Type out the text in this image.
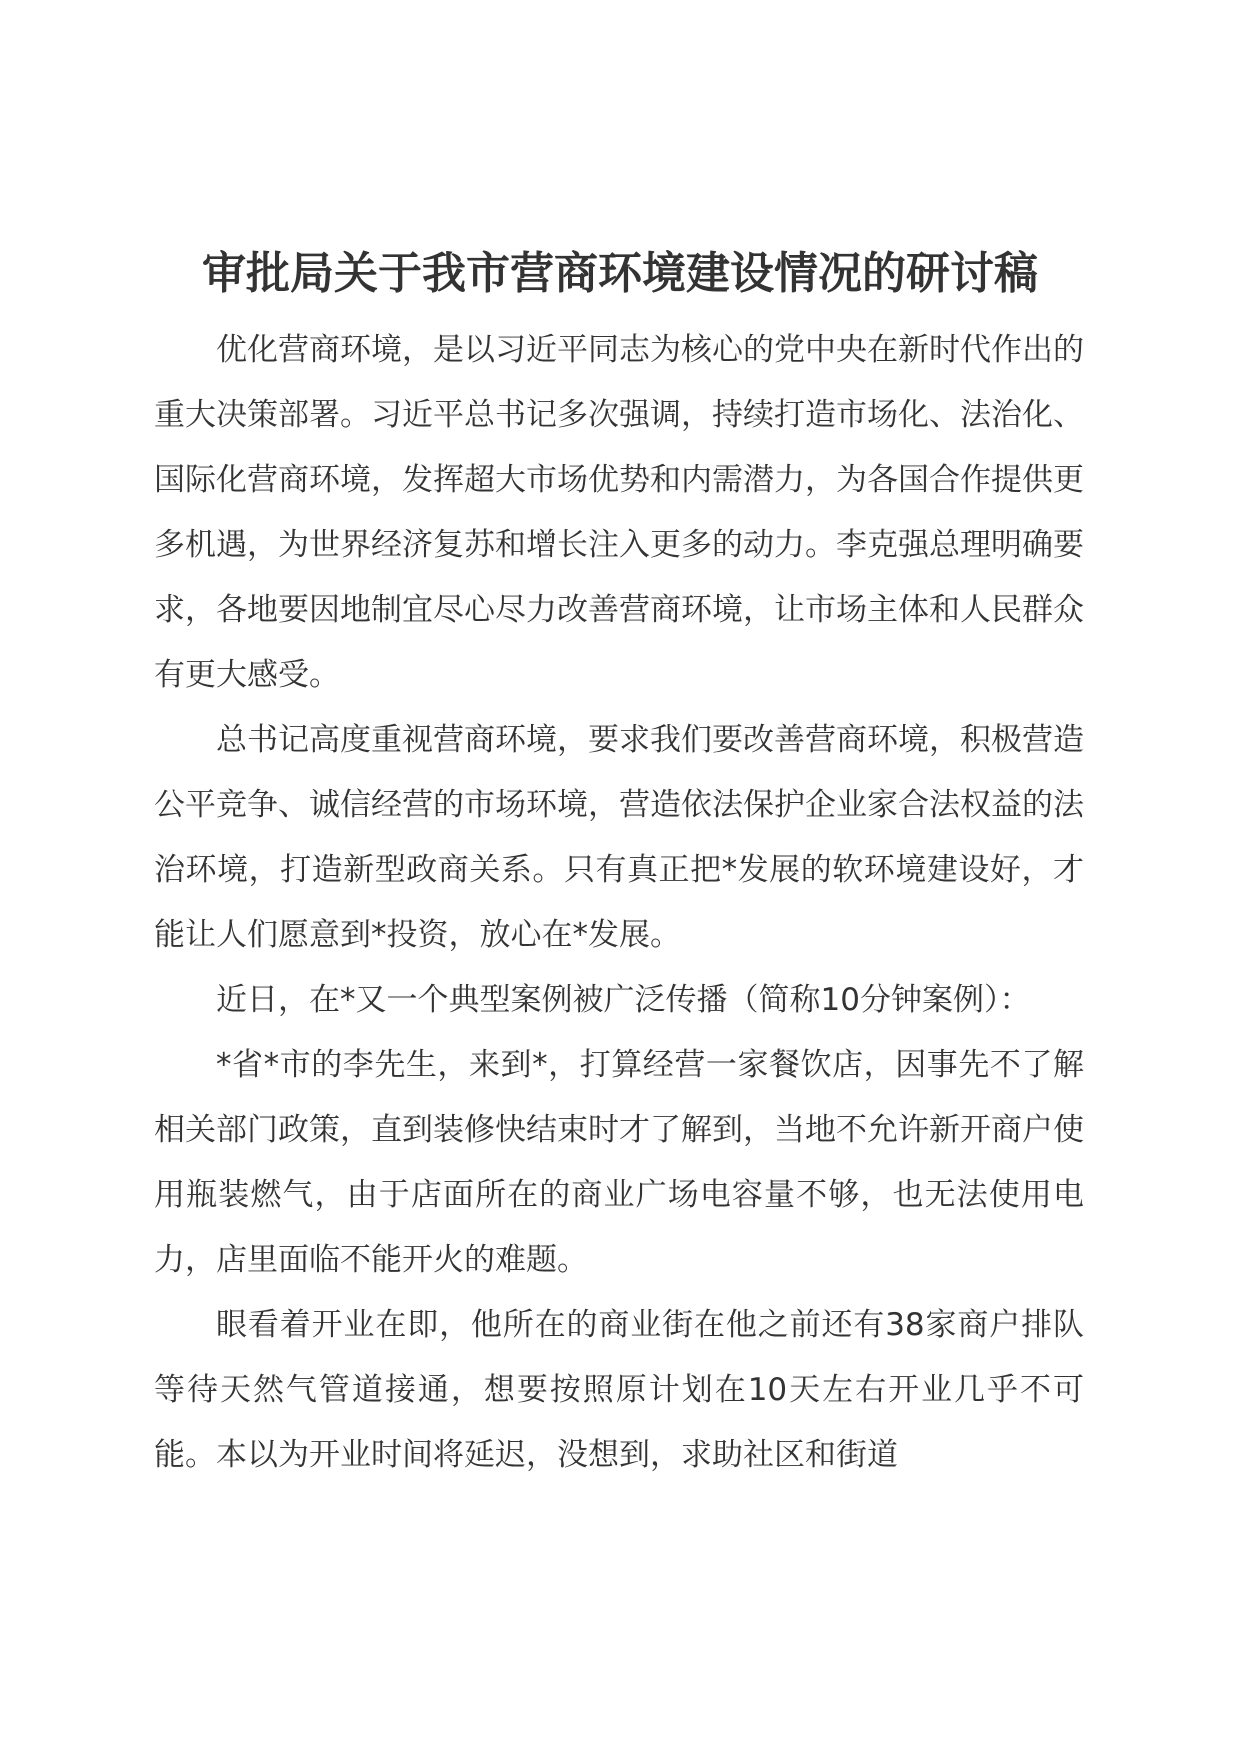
审批局关于我市营商环境建设情况的研讨稿

优化营商环境，是以习近平同志为核心的党中央在新时代作出的重大决策部署。习近平总书记多次强调，持续打造市场化、法治化、国际化营商环境，发挥超大市场优势和内需潜力，为各国合作提供更多机遇，为世界经济复苏和增长注入更多的动力。李克强总理明确要求，各地要因地制宜尽心尽力改善营商环境，让市场主体和人民群众有更大感受。

总书记高度重视营商环境，要求我们要改善营商环境，积极营造公平竞争、诚信经营的市场环境，营造依法保护企业家合法权益的法治环境，打造新型政商关系。只有真正把*发展的软环境建设好，才能让人们愿意到*投资，放心在*发展。

近日，在*又一个典型案例被广泛传播（简称10分钟案例）：

*省*市的李先生，来到*，打算经营一家餐饮店，因事先不了解相关部门政策，直到装修快结束时才了解到，当地不允许新开商户使用瓶装燃气，由于店面所在的商业广场电容量不够，也无法使用电力，店里面临不能开火的难题。

眼看着开业在即，他所在的商业街在他之前还有38家商户排队等待天然气管道接通，想要按照原计划在10天左右开业几乎不可能。本以为开业时间将延迟，没想到，求助社区和街道
